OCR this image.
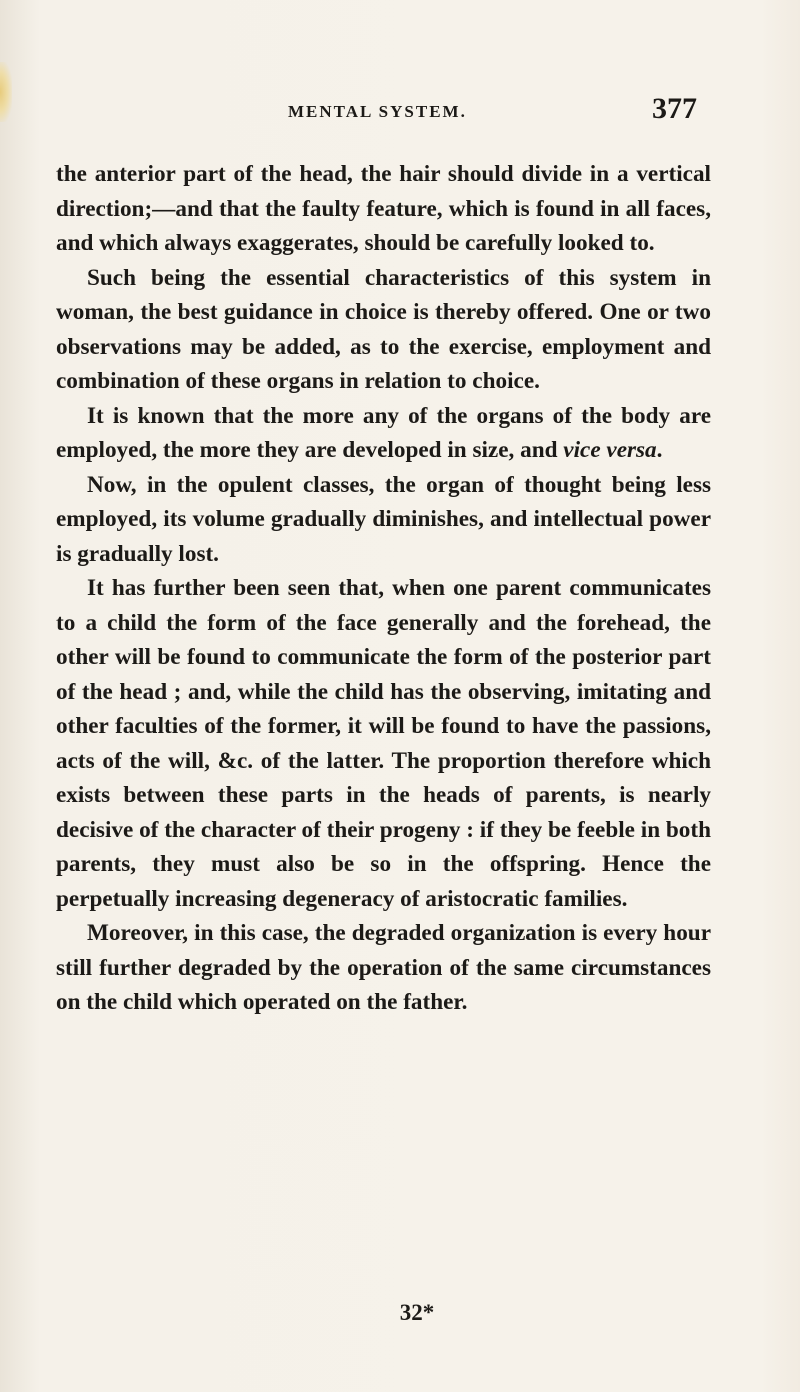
MENTAL SYSTEM.	377

the anterior part of the head, the hair should divide in a vertical direction;—and that the faulty feature, which is found in all faces, and which always exaggerates, should be carefully looked to.

Such being the essential characteristics of this system in woman, the best guidance in choice is thereby offered. One or two observations may be added, as to the exercise, employment and combination of these organs in relation to choice.

It is known that the more any of the organs of the body are employed, the more they are developed in size, and vice versa.

Now, in the opulent classes, the organ of thought being less employed, its volume gradually diminishes, and intellectual power is gradually lost.

It has further been seen that, when one parent communicates to a child the form of the face generally and the forehead, the other will be found to communicate the form of the posterior part of the head ; and, while the child has the observing, imitating and other faculties of the former, it will be found to have the passions, acts of the will, &c. of the latter. The proportion therefore which exists between these parts in the heads of parents, is nearly decisive of the character of their progeny : if they be feeble in both parents, they must also be so in the offspring. Hence the perpetually increasing degeneracy of aristocratic families.

Moreover, in this case, the degraded organization is every hour still further degraded by the operation of the same circumstances on the child which operated on the father.

32*
